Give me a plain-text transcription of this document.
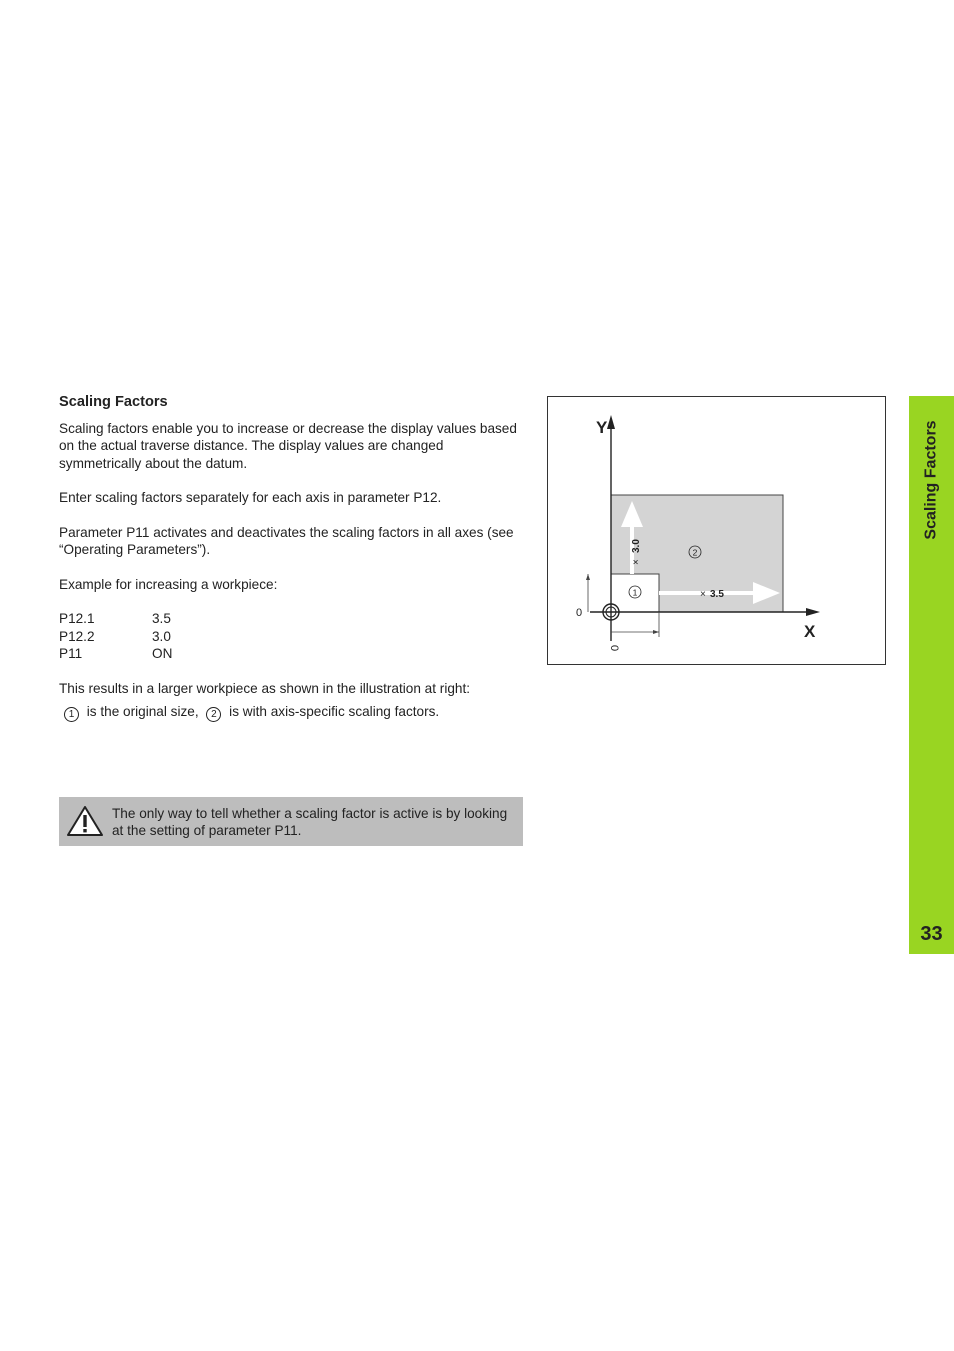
Scaling Factors

Scaling factors enable you to increase or decrease the display values based on the actual traverse distance. The display values are changed symmetrically about the datum.

Enter scaling factors separately for each axis in parameter P12.

Parameter P11 activates and deactivates the scaling factors in all axes (see “Operating Parameters”).

Example for increasing a workpiece:

P12.1	3.5
P12.2	3.0
P11	ON

This results in a larger workpiece as shown in the illustration at right:

1 is the original size, 2 is with axis-specific scaling factors.
The only way to tell whether a scaling factor is active is by looking at the setting of parameter P11.
Y
X
0
0
3.0
×
× 3.5
1
2
Scaling Factors
33
